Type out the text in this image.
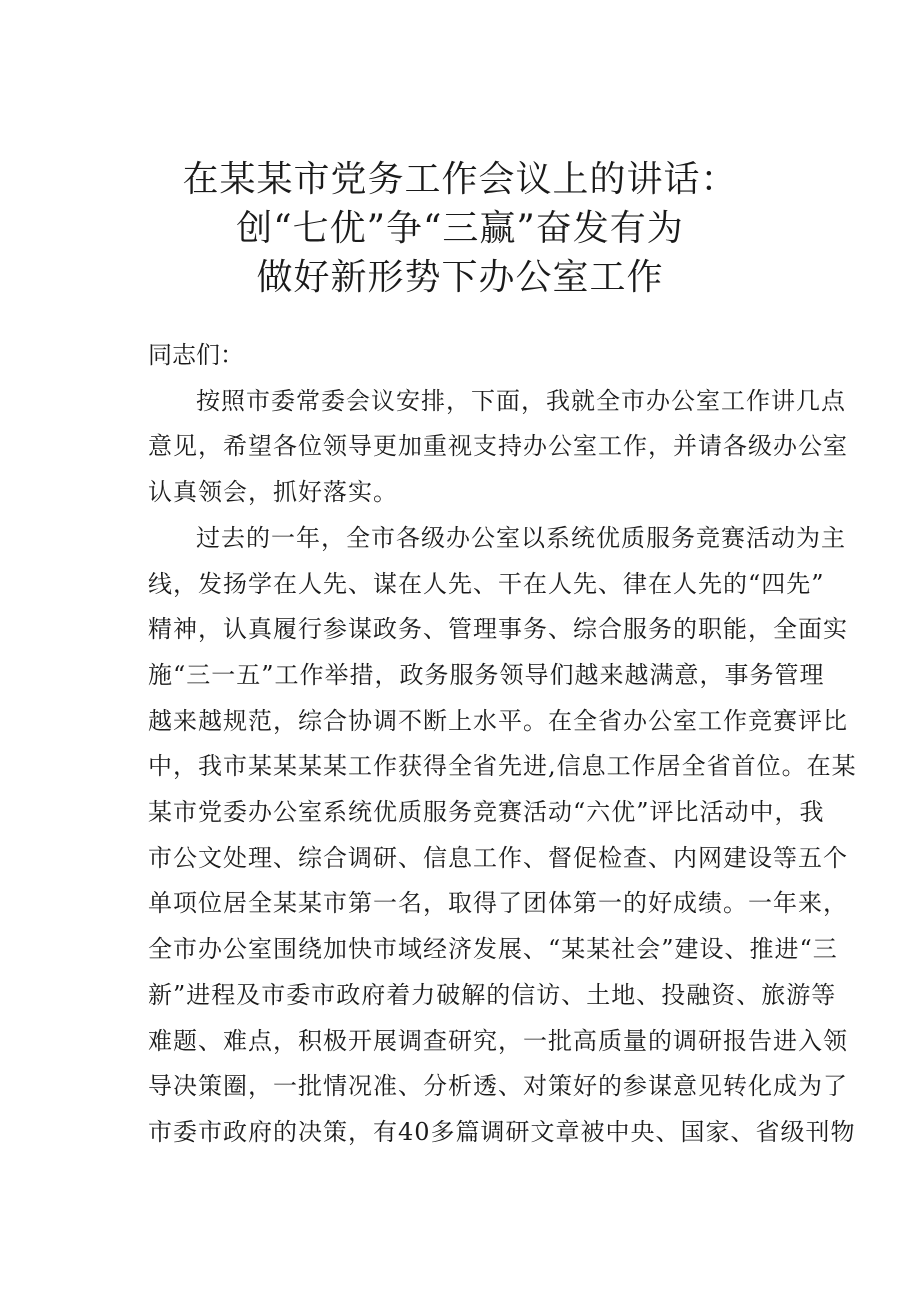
在某某市党务工作会议上的讲话：
创“七优”争“三赢”奋发有为
做好新形势下办公室工作
同志们：
按照市委常委会议安排，下面，我就全市办公室工作讲几点
意见，希望各位领导更加重视支持办公室工作，并请各级办公室
认真领会，抓好落实。
过去的一年，全市各级办公室以系统优质服务竞赛活动为主
线，发扬学在人先、谋在人先、干在人先、律在人先的“四先”
精神，认真履行参谋政务、管理事务、综合服务的职能，全面实
施“三一五”工作举措，政务服务领导们越来越满意，事务管理
越来越规范，综合协调不断上水平。在全省办公室工作竞赛评比
中，我市某某某某工作获得全省先进,信息工作居全省首位。在某
某市党委办公室系统优质服务竞赛活动“六优”评比活动中，我
市公文处理、综合调研、信息工作、督促检查、内网建设等五个
单项位居全某某市第一名，取得了团体第一的好成绩。一年来，
全市办公室围绕加快市域经济发展、“某某社会”建设、推进“三
新”进程及市委市政府着力破解的信访、土地、投融资、旅游等
难题、难点，积极开展调查研究，一批高质量的调研报告进入领
导决策圈，一批情况准、分析透、对策好的参谋意见转化成为了
市委市政府的决策，有40多篇调研文章被中央、国家、省级刊物
